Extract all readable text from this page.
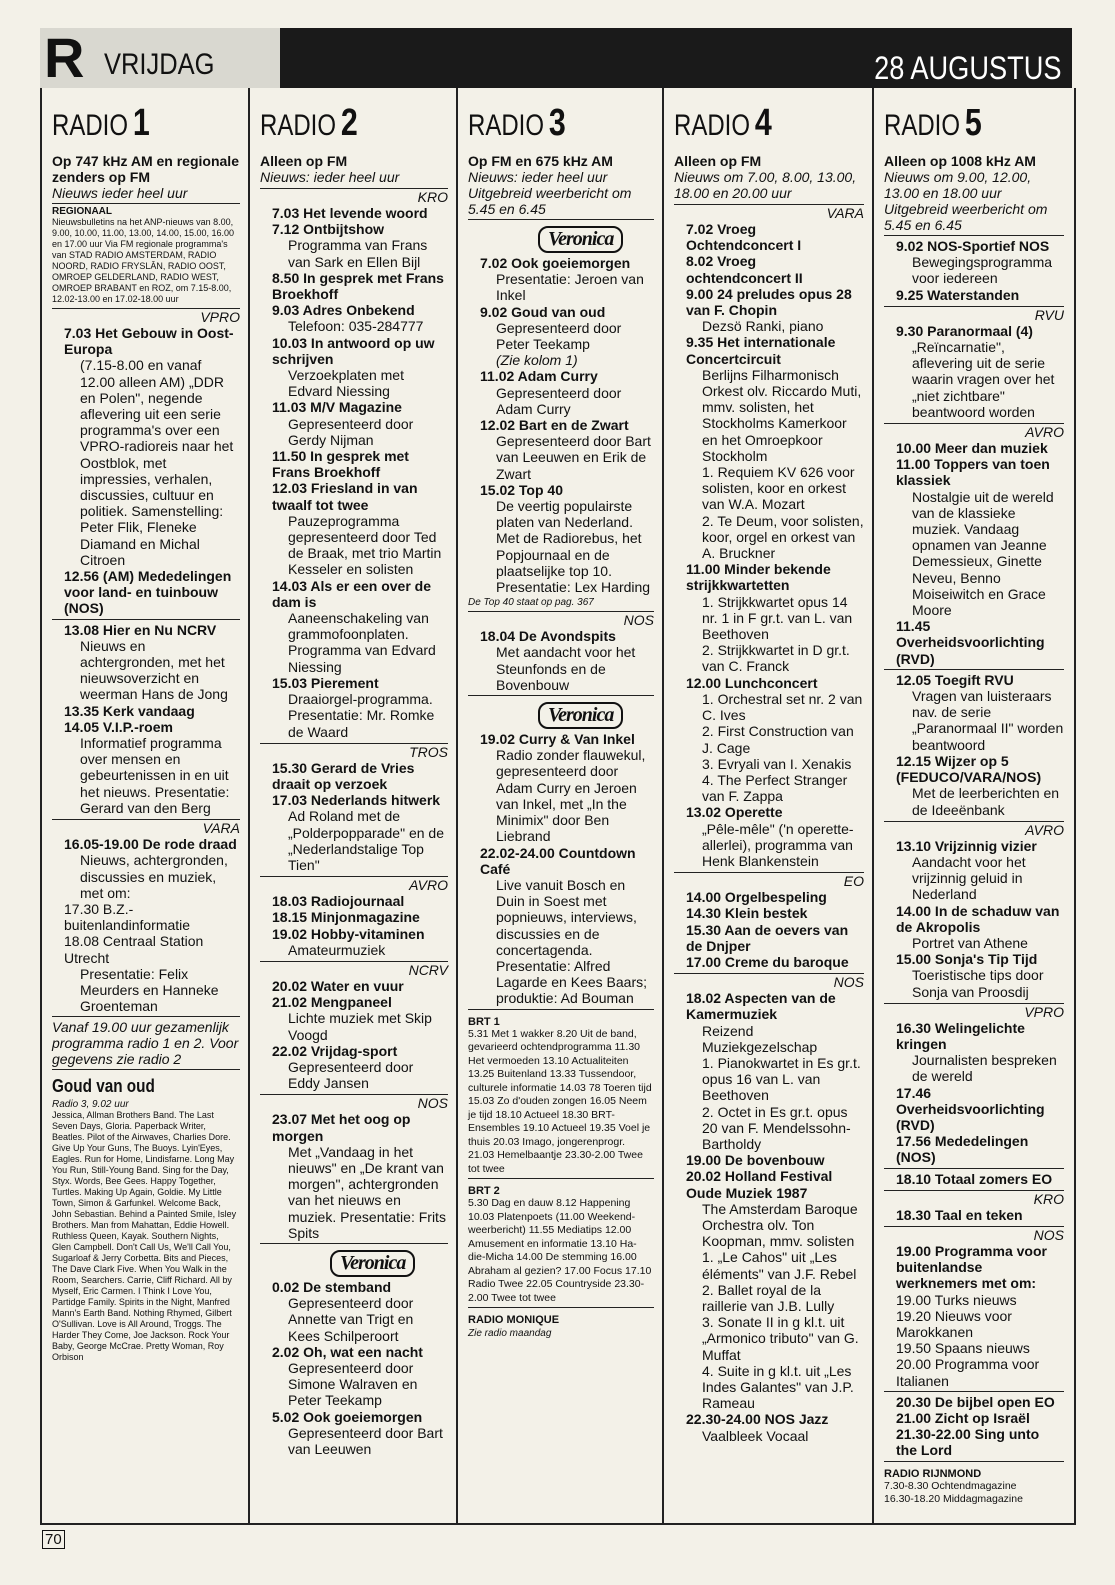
R VRIJDAG	28 AUGUSTUS
RADIO 1
Op 747 kHz AM en regionale zenders op FM
Nieuws ieder heel uur
REGIONAAL
Nieuwsbulletins na het ANP-nieuws van 8.00, 9.00, 10.00, 11.00, 13.00, 14.00, 15.00, 16.00 en 17.00 uur Via FM regionale programma's van STAD RADIO AMSTERDAM, RADIO NOORD, RADIO FRYSLÂN, RADIO OOST, OMROEP GELDERLAND, RADIO WEST, OMROEP BRABANT en ROZ, om 7.15-8.00, 12.02-13.00 en 17.02-18.00 uur
VPRO
7.03 Het Gebouw in Oost-Europa
(7.15-8.00 en vanaf 12.00 alleen AM) „DDR en Polen", negende aflevering uit een serie programma's over een VPRO-radioreis naar het Oostblok, met impressies, verhalen, discussies, cultuur en politiek. Samenstelling: Peter Flik, Fleneke Diamand en Michal Citroen
12.56 (AM) Mededelingen voor land- en tuinbouw (NOS)
13.08 Hier en Nu NCRV
Nieuws en achtergronden, met het nieuwsoverzicht en weerman Hans de Jong
13.35 Kerk vandaag
14.05 V.I.P.-roem
Informatief programma over mensen en gebeurtenissen in en uit het nieuws. Presentatie: Gerard van den Berg
VARA
16.05-19.00 De rode draad
Nieuws, achtergronden, discussies en muziek, met om:
17.30 B.Z.-buitenlandinformatie
18.08 Centraal Station Utrecht
Presentatie: Felix Meurders en Hanneke Groenteman
Vanaf 19.00 uur gezamenlijk programma radio 1 en 2. Voor gegevens zie radio 2
Goud van oud
Radio 3, 9.02 uur
Jessica, Allman Brothers Band. The Last Seven Days, Gloria. Paperback Writer, Beatles. Pilot of the Airwaves, Charlies Dore. Give Up Your Guns, The Buoys. Lyin'Eyes, Eagles. Run for Home, Lindisfarne. Long May You Run, Still-Young Band. Sing for the Day, Styx. Words, Bee Gees. Happy Together, Turtles. Making Up Again, Goldie. My Little Town, Simon & Garfunkel. Welcome Back, John Sebastian. Behind a Painted Smile, Isley Brothers. Man from Mahattan, Eddie Howell. Ruthless Queen, Kayak. Southern Nights, Glen Campbell. Don't Call Us, We'll Call You, Sugarloaf & Jerry Corbetta. Bits and Pieces, The Dave Clark Five. When You Walk in the Room, Searchers. Carrie, Cliff Richard. All by Myself, Eric Carmen. I Think I Love You, Partidge Family. Spirits in the Night, Manfred Mann's Earth Band. Nothing Rhymed, Gilbert O'Sullivan. Love is All Around, Troggs. The Harder They Come, Joe Jackson. Rock Your Baby, George McCrae. Pretty Woman, Roy Orbison
RADIO 2
Alleen op FM
Nieuws: ieder heel uur
KRO
7.03 Het levende woord
7.12 Ontbijtshow
Programma van Frans van Sark en Ellen Bijl
8.50 In gesprek met Frans Broekhoff
9.03 Adres Onbekend
Telefoon: 035-284777
10.03 In antwoord op uw schrijven
Verzoekplaten met Edvard Niessing
11.03 M/V Magazine
Gepresenteerd door Gerdy Nijman
11.50 In gesprek met Frans Broekhoff
12.03 Friesland in van twaalf tot twee
Pauzeprogramma gepresenteerd door Ted de Braak, met trio Martin Kesseler en solisten
14.03 Als er een over de dam is
Aaneenschakeling van grammofoonplaten. Programma van Edvard Niessing
15.03 Pierement
Draaiorgel-programma. Presentatie: Mr. Romke de Waard
TROS
15.30 Gerard de Vries draait op verzoek
17.03 Nederlands hitwerk
Ad Roland met de „Polderpopparade" en de „Nederlandstalige Top Tien"
AVRO
18.03 Radiojournaal
18.15 Minjonmagazine
19.02 Hobby-vitaminen
Amateurmuziek
NCRV
20.02 Water en vuur
21.02 Mengpaneel
Lichte muziek met Skip Voogd
22.02 Vrijdag-sport
Gepresenteerd door Eddy Jansen
NOS
23.07 Met het oog op morgen
Met „Vandaag in het nieuws" en „De krant van morgen", achtergronden van het nieuws en muziek. Presentatie: Frits Spits
Veronica
0.02 De stemband
Gepresenteerd door Annette van Trigt en Kees Schilperoort
2.02 Oh, wat een nacht
Gepresenteerd door Simone Walraven en Peter Teekamp
5.02 Ook goeiemorgen
Gepresenteerd door Bart van Leeuwen
RADIO 3
Op FM en 675 kHz AM
Nieuws: ieder heel uur Uitgebreid weerbericht om 5.45 en 6.45
Veronica
7.02 Ook goeiemorgen
Presentatie: Jeroen van Inkel
9.02 Goud van oud
Gepresenteerd door Peter Teekamp
(Zie kolom 1)
11.02 Adam Curry
Gepresenteerd door Adam Curry
12.02 Bart en de Zwart
Gepresenteerd door Bart van Leeuwen en Erik de Zwart
15.02 Top 40
De veertig populairste platen van Nederland. Met de Radiorebus, het Popjournaal en de plaatselijke top 10. Presentatie: Lex Harding
De Top 40 staat op pag. 367
NOS
18.04 De Avondspits
Met aandacht voor het Steunfonds en de Bovenbouw
Veronica
19.02 Curry & Van Inkel
Radio zonder flauwekul, gepresenteerd door Adam Curry en Jeroen van Inkel, met „In the Minimix" door Ben Liebrand
22.02-24.00 Countdown Café
Live vanuit Bosch en Duin in Soest met popnieuws, interviews, discussies en de concertagenda. Presentatie: Alfred Lagarde en Kees Baars; produktie: Ad Bouman
BRT 1
5.31 Met 1 wakker 8.20 Uit de band, gevarieerd ochtendprogramma 11.30 Het vermoeden 13.10 Actualiteiten 13.25 Buitenland 13.33 Tussendoor, culturele informatie 14.03 78 Toeren tijd 15.03 Zo d'ouden zongen 16.05 Neem je tijd 18.10 Actueel 18.30 BRT-Ensembles 19.10 Actueel 19.35 Voel je thuis 20.03 Imago, jongerenprogr. 21.03 Hemelbaantje 23.30-2.00 Twee tot twee
BRT 2
5.30 Dag en dauw 8.12 Happening 10.03 Platenpoets (11.00 Weekend-weerbericht) 11.55 Mediatips 12.00 Amusement en informatie 13.10 Ha-die-Micha 14.00 De stemming 16.00 Abraham al gezien? 17.00 Focus 17.10 Radio Twee 22.05 Countryside 23.30-2.00 Twee tot twee
RADIO MONIQUE
Zie radio maandag
RADIO 4
Alleen op FM
Nieuws om 7.00, 8.00, 13.00, 18.00 en 20.00 uur
VARA
7.02 Vroeg Ochtendconcert I
8.02 Vroeg ochtendconcert II
9.00 24 preludes opus 28 van F. Chopin
Dezsö Ranki, piano
9.35 Het internationale Concertcircuit
Berlijns Filharmonisch Orkest olv. Riccardo Muti, mmv. solisten, het Stockholms Kamerkoor en het Omroepkoor Stockholm
1. Requiem KV 626 voor solisten, koor en orkest van W.A. Mozart
2. Te Deum, voor solisten, koor, orgel en orkest van A. Bruckner
11.00 Minder bekende strijkkwartetten
1. Strijkkwartet opus 14 nr. 1 in F gr.t. van L. van Beethoven
2. Strijkkwartet in D gr.t. van C. Franck
12.00 Lunchconcert
1. Orchestral set nr. 2 van C. Ives
2. First Construction van J. Cage
3. Evryali van I. Xenakis
4. The Perfect Stranger van F. Zappa
13.02 Operette
„Pêle-mêle" ('n operette-allerlei), programma van Henk Blankenstein
EO
14.00 Orgelbespeling
14.30 Klein bestek
15.30 Aan de oevers van de Dnjper
17.00 Creme du baroque
NOS
18.02 Aspecten van de Kamermuziek
Reizend Muziekgezelschap
1. Pianokwartet in Es gr.t. opus 16 van L. van Beethoven
2. Octet in Es gr.t. opus 20 van F. Mendelssohn-Bartholdy
19.00 De bovenbouw
20.02 Holland Festival Oude Muziek 1987
The Amsterdam Baroque Orchestra olv. Ton Koopman, mmv. solisten
1. „Le Cahos" uit „Les éléments" van J.F. Rebel
2. Ballet royal de la raillerie van J.B. Lully
3. Sonate II in g kl.t. uit „Armonico tributo" van G. Muffat
4. Suite in g kl.t. uit „Les Indes Galantes" van J.P. Rameau
22.30-24.00 NOS Jazz
Vaalbleek Vocaal
RADIO 5
Alleen op 1008 kHz AM
Nieuws om 9.00, 12.00, 13.00 en 18.00 uur Uitgebreid weerbericht om 5.45 en 6.45
9.02 NOS-Sportief NOS
Bewegingsprogramma voor iedereen
9.25 Waterstanden
RVU
9.30 Paranormaal (4)
„Reïncarnatie", aflevering uit de serie waarin vragen over het „niet zichtbare" beantwoord worden
AVRO
10.00 Meer dan muziek
11.00 Toppers van toen klassiek
Nostalgie uit de wereld van de klassieke muziek. Vandaag opnamen van Jeanne Demessieux, Ginette Neveu, Benno Moiseiwitch en Grace Moore
11.45 Overheidsvoorlichting (RVD)
12.05 Toegift RVU
Vragen van luisteraars nav. de serie „Paranormaal II" worden beantwoord
12.15 Wijzer op 5 (FEDUCO/VARA/NOS)
Met de leerberichten en de Ideeënbank
AVRO
13.10 Vrijzinnig vizier
Aandacht voor het vrijzinnig geluid in Nederland
14.00 In de schaduw van de Akropolis
Portret van Athene
15.00 Sonja's Tip Tijd
Toeristische tips door Sonja van Proosdij
VPRO
16.30 Welingelichte kringen
Journalisten bespreken de wereld
17.46 Overheidsvoorlichting (RVD)
17.56 Mededelingen (NOS)
18.10 Totaal zomers EO
KRO
18.30 Taal en teken
NOS
19.00 Programma voor buitenlandse werknemers met om:
19.00 Turks nieuws
19.20 Nieuws voor Marokkanen
19.50 Spaans nieuws
20.00 Programma voor Italianen
20.30 De bijbel open EO
21.00 Zicht op Israël
21.30-22.00 Sing unto the Lord
RADIO RIJNMOND
7.30-8.30 Ochtendmagazine
16.30-18.20 Middagmagazine
70
